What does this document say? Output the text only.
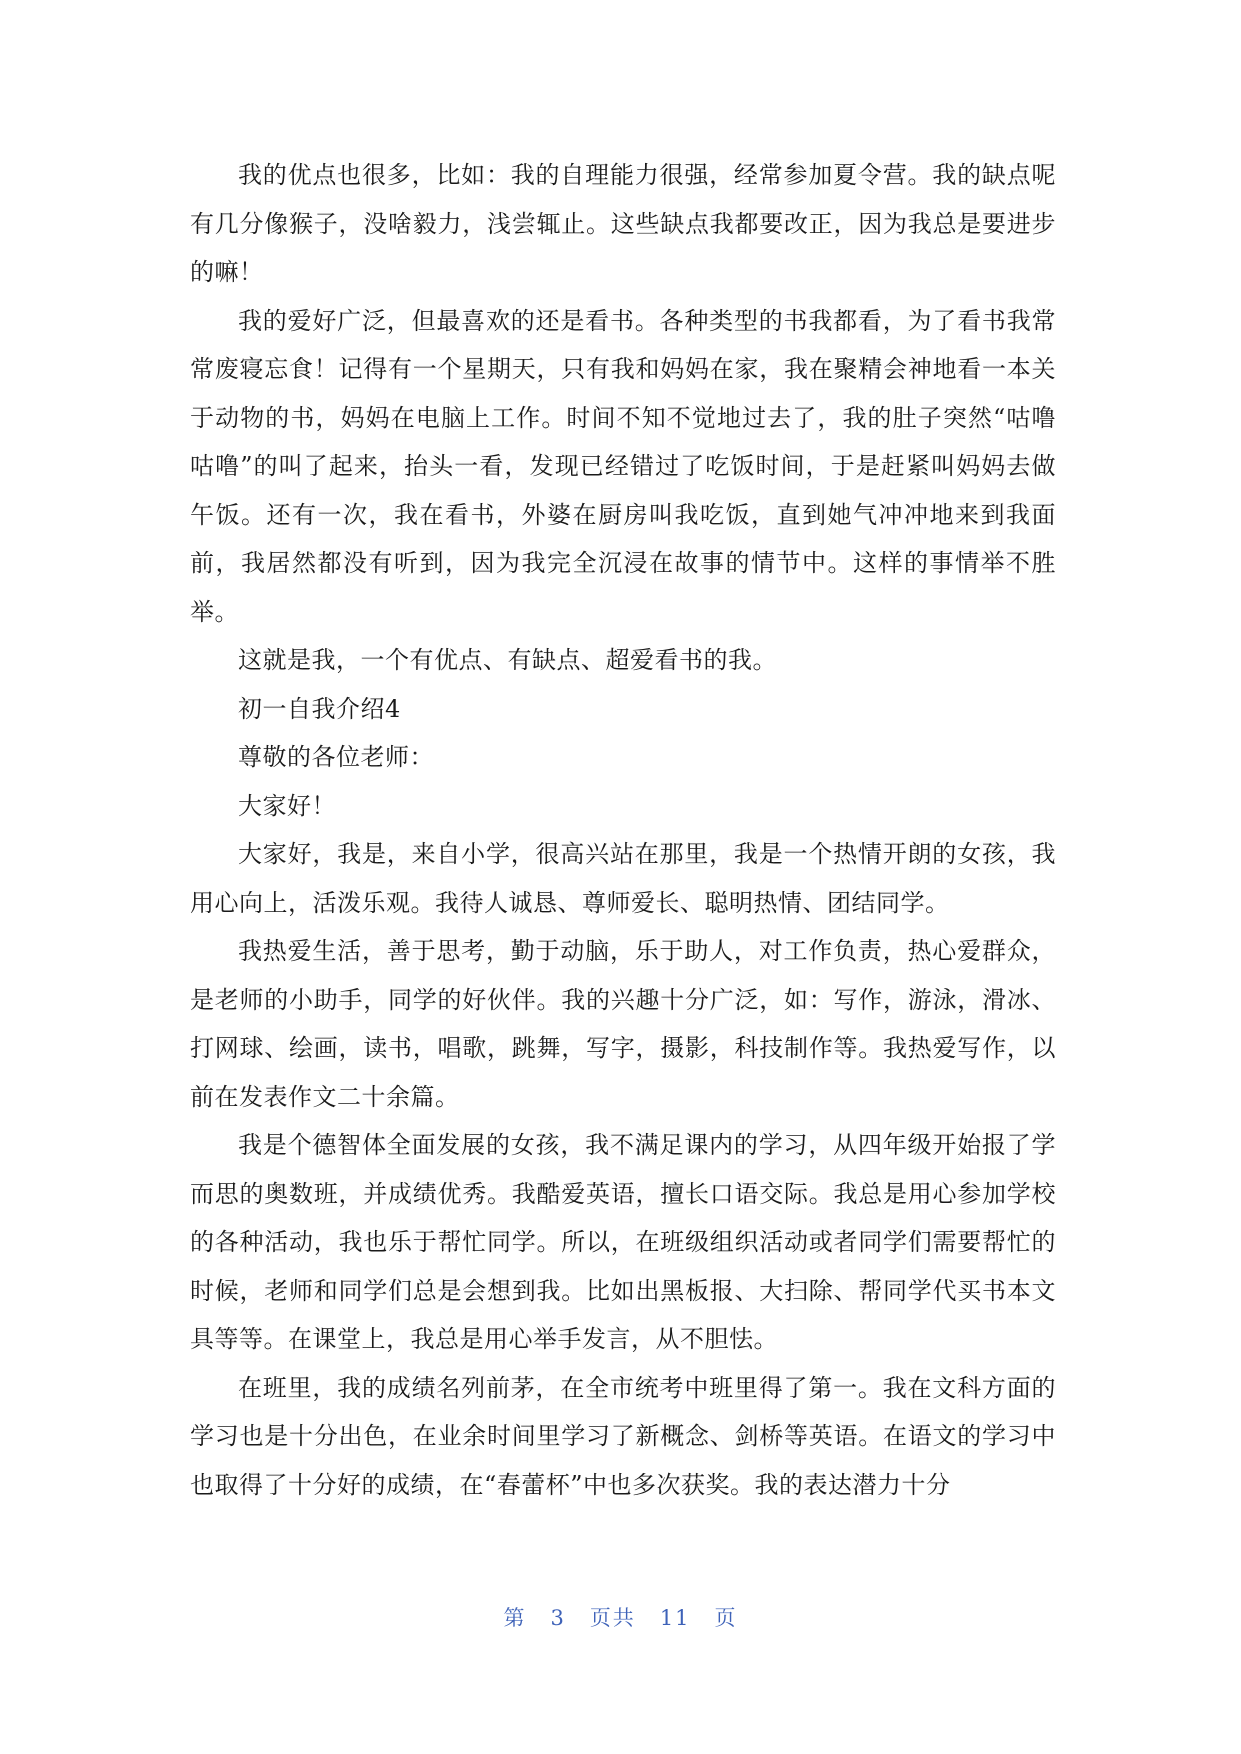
我的优点也很多，比如：我的自理能力很强，经常参加夏令营。我的缺点呢有几分像猴子，没啥毅力，浅尝辄止。这些缺点我都要改正，因为我总是要进步的嘛！

我的爱好广泛，但最喜欢的还是看书。各种类型的书我都看，为了看书我常常废寝忘食！记得有一个星期天，只有我和妈妈在家，我在聚精会神地看一本关于动物的书，妈妈在电脑上工作。时间不知不觉地过去了，我的肚子突然“咕噜咕噜”的叫了起来，抬头一看，发现已经错过了吃饭时间，于是赶紧叫妈妈去做午饭。还有一次，我在看书，外婆在厨房叫我吃饭，直到她气冲冲地来到我面前，我居然都没有听到，因为我完全沉浸在故事的情节中。这样的事情举不胜举。

这就是我，一个有优点、有缺点、超爱看书的我。

初一自我介绍4

尊敬的各位老师：

大家好！

大家好，我是，来自小学，很高兴站在那里，我是一个热情开朗的女孩，我用心向上，活泼乐观。我待人诚恳、尊师爱长、聪明热情、团结同学。

我热爱生活，善于思考，勤于动脑，乐于助人，对工作负责，热心爱群众，是老师的小助手，同学的好伙伴。我的兴趣十分广泛，如：写作，游泳，滑冰、打网球、绘画，读书，唱歌，跳舞，写字，摄影，科技制作等。我热爱写作，以前在发表作文二十余篇。

我是个德智体全面发展的女孩，我不满足课内的学习，从四年级开始报了学而思的奥数班，并成绩优秀。我酷爱英语，擅长口语交际。我总是用心参加学校的各种活动，我也乐于帮忙同学。所以，在班级组织活动或者同学们需要帮忙的时候，老师和同学们总是会想到我。比如出黑板报、大扫除、帮同学代买书本文具等等。在课堂上，我总是用心举手发言，从不胆怯。

在班里，我的成绩名列前茅，在全市统考中班里得了第一。我在文科方面的学习也是十分出色，在业余时间里学习了新概念、剑桥等英语。在语文的学习中也取得了十分好的成绩，在“春蕾杯”中也多次获奖。我的表达潜力十分

第 3 页共 11 页
